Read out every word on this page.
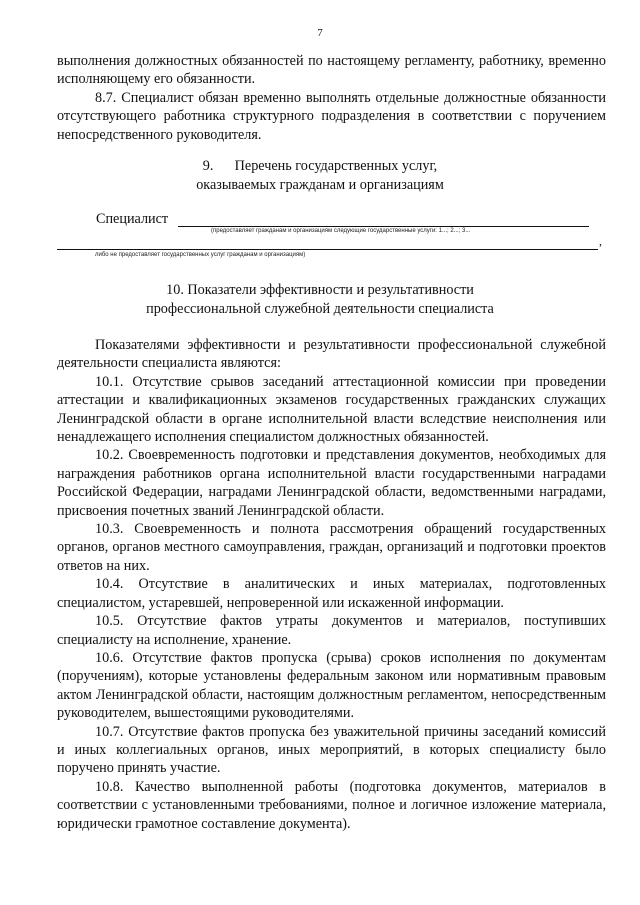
7

выполнения должностных обязанностей по настоящему регламенту, работнику, временно исполняющему его обязанности.

8.7. Специалист обязан временно выполнять отдельные должностные обязанности отсутствующего работника структурного подразделения в соответствии с поручением непосредственного руководителя.

9.      Перечень государственных услуг,

оказываемых гражданам и организациям

Специалист
(предоставляет гражданам и организациям следующие государственные услуги: 1...; 2...; 3...
,
либо не предоставляет государственных услуг гражданам и организациям)

10. Показатели эффективности и результативности

профессиональной служебной деятельности специалиста

Показателями эффективности и результативности профессиональной служебной деятельности специалиста являются:

10.1. Отсутствие срывов заседаний аттестационной комиссии при проведении аттестации и квалификационных экзаменов государственных гражданских служащих Ленинградской области в органе исполнительной власти вследствие неисполнения или ненадлежащего исполнения специалистом должностных обязанностей.

10.2. Своевременность подготовки и представления документов, необходимых для награждения работников органа исполнительной власти государственными наградами Российской Федерации, наградами Ленинградской области, ведомственными наградами, присвоения почетных званий Ленинградской области.

10.3. Своевременность и полнота рассмотрения обращений государственных органов, органов местного самоуправления, граждан, организаций и подготовки проектов ответов на них.

10.4. Отсутствие в аналитических и иных материалах, подготовленных специалистом, устаревшей, непроверенной или искаженной информации.

10.5. Отсутствие фактов утраты документов и материалов, поступивших специалисту на исполнение, хранение.

10.6. Отсутствие фактов пропуска (срыва) сроков исполнения по документам (поручениям), которые установлены федеральным законом или нормативным правовым актом Ленинградской области, настоящим должностным регламентом, непосредственным руководителем, вышестоящими руководителями.

10.7. Отсутствие фактов пропуска без уважительной причины заседаний комиссий и иных коллегиальных органов, иных мероприятий, в которых специалисту было поручено принять участие.

10.8. Качество выполненной работы (подготовка документов, материалов в соответствии с установленными требованиями, полное и логичное изложение материала, юридически грамотное составление документа).
